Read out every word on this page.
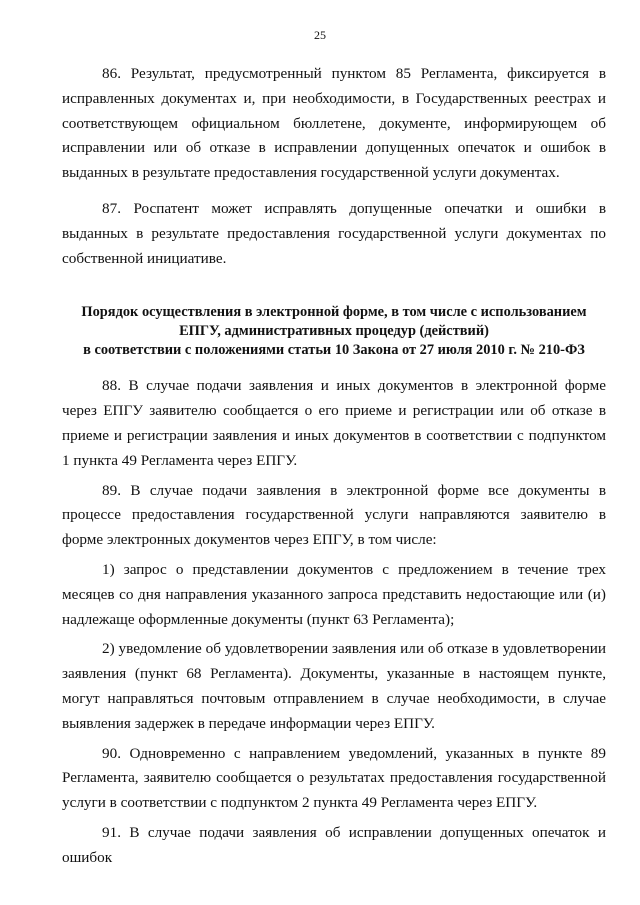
25

86. Результат, предусмотренный пунктом 85 Регламента, фиксируется в исправленных документах и, при необходимости, в Государственных реестрах и соответствующем официальном бюллетене, документе, информирующем об исправлении или об отказе в исправлении допущенных опечаток и ошибок в выданных в результате предоставления государственной услуги документах.

87. Роспатент может исправлять допущенные опечатки и ошибки в выданных в результате предоставления государственной услуги документах по собственной инициативе.

Порядок осуществления в электронной форме, в том числе с использованием
ЕПГУ, административных процедур (действий)
в соответствии с положениями статьи 10 Закона от 27 июля 2010 г. № 210-ФЗ

88. В случае подачи заявления и иных документов в электронной форме через ЕПГУ заявителю сообщается о его приеме и регистрации или об отказе в приеме и регистрации заявления и иных документов в соответствии с подпунктом 1 пункта 49 Регламента через ЕПГУ.

89. В случае подачи заявления в электронной форме все документы в процессе предоставления государственной услуги направляются заявителю в форме электронных документов через ЕПГУ, в том числе:

1) запрос о представлении документов с предложением в течение трех месяцев со дня направления указанного запроса представить недостающие или (и) надлежаще оформленные документы (пункт 63 Регламента);

2) уведомление об удовлетворении заявления или об отказе в удовлетворении заявления (пункт 68 Регламента). Документы, указанные в настоящем пункте, могут направляться почтовым отправлением в случае необходимости, в случае выявления задержек в передаче информации через ЕПГУ.

90. Одновременно с направлением уведомлений, указанных в пункте 89 Регламента, заявителю сообщается о результатах предоставления государственной услуги в соответствии с подпунктом 2 пункта 49 Регламента через ЕПГУ.

91. В случае подачи заявления об исправлении допущенных опечаток и ошибок
